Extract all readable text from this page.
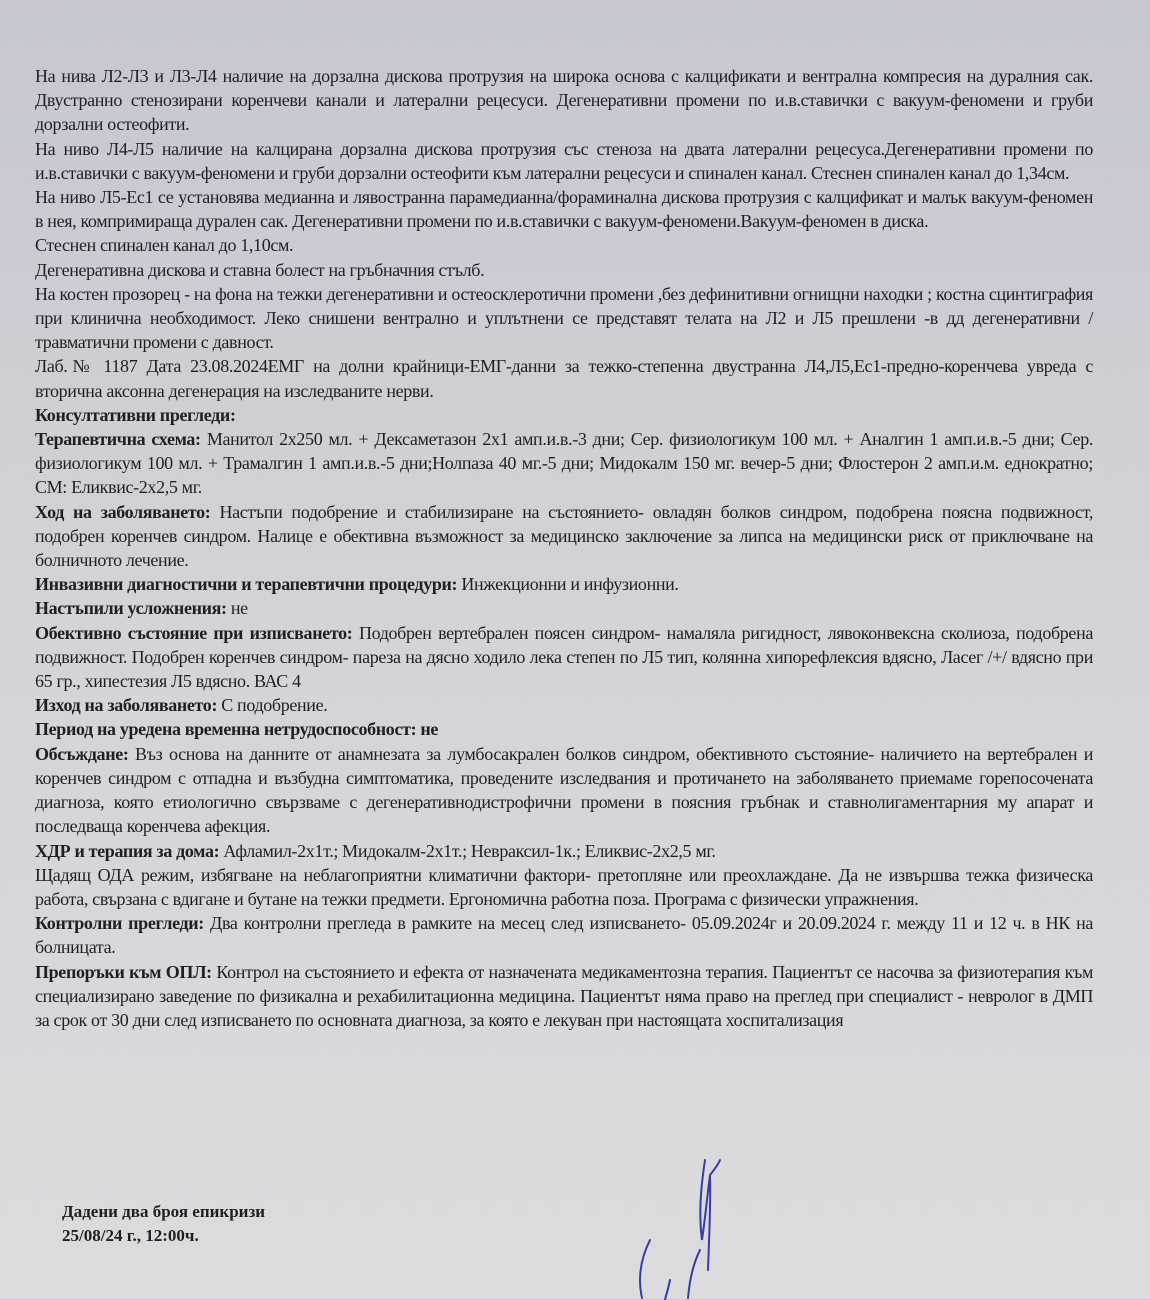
На нива Л2-Л3 и Л3-Л4 наличие на дорзална дискова протрузия на широка основа с калцификати и вентрална компресия на дуралния сак. Двустранно стенозирани коренчеви канали и латерални рецесуси. Дегенеративни промени по и.в.ставички с вакуум-феномени и груби дорзални остеофити.

На ниво Л4-Л5 наличие на калцирана дорзална дискова протрузия със стеноза на двата латерални рецесуса.Дегенеративни промени по и.в.ставички с вакуум-феномени и груби дорзални остеофити към латерални рецесуси и спинален канал. Стеснен спинален канал до 1,34см.

На ниво Л5-Ес1 се установява медианна и лявостранна парамедианна/фораминална дискова протрузия с калцификат и малък вакуум-феномен в нея, компримираща дурален сак. Дегенеративни промени по и.в.ставички с вакуум-феномени.Вакуум-феномен в диска.

Стеснен спинален канал до 1,10см.

Дегенеративна дискова и ставна болест на гръбначния стълб.

На костен прозорец - на фона на тежки дегенеративни и остеосклеротични промени ,без дефинитивни огнищни находки ; костна сцинтиграфия при клинична необходимост. Леко снишени вентрално и уплътнени се представят телата на Л2 и Л5 прешлени -в дд дегенеративни /травматични промени с давност.

Лаб.№ 1187 Дата 23.08.2024ЕМГ на долни крайници-ЕМГ-данни за тежко-степенна двустранна Л4,Л5,Ес1-предно-коренчева увреда с вторична аксонна дегенерация на изследваните нерви.

Консултативни прегледи:

Терапевтична схема: Манитол 2х250 мл. + Дексаметазон 2х1 амп.и.в.-3 дни; Сер. физиологикум 100 мл. + Аналгин 1 амп.и.в.-5 дни; Сер. физиологикум 100 мл. + Трамалгин 1 амп.и.в.-5 дни;Нолпаза 40 мг.-5 дни; Мидокалм 150 мг. вечер-5 дни; Флостерон 2 амп.и.м. еднократно; СМ: Еликвис-2х2,5 мг.

Ход на заболяването: Настъпи подобрение и стабилизиране на състоянието- овладян болков синдром, подобрена поясна подвижност, подобрен коренчев синдром. Налице е обективна възможност за медицинско заключение за липса на медицински риск от приключване на болничното лечение.

Инвазивни диагностични и терапевтични процедури: Инжекционни и инфузионни.

Настъпили усложнения: не

Обективно състояние при изписването: Подобрен вертебрален поясен синдром- намаляла ригидност, лявоконвексна сколиоза, подобрена подвижност. Подобрен коренчев синдром- пареза на дясно ходило лека степен по Л5 тип, колянна хипорефлексия вдясно, Ласег /+/ вдясно при 65 гр., хипестезия Л5 вдясно. ВАС 4

Изход на заболяването: С подобрение.

Период на уредена временна нетрудоспособност: не

Обсъждане: Въз основа на данните от анамнезата за лумбосакрален болков синдром, обективното състояние- наличието на вертебрален и коренчев синдром с отпадна и възбудна симптоматика, проведените изследвания и протичането на заболяването приемаме горепосочената диагноза, която етиологично свързваме с дегенеративнодистрофични промени в поясния гръбнак и ставнолигаментарния му апарат и последваща коренчева афекция.

ХДР и терапия за дома: Афламил-2х1т.; Мидокалм-2х1т.; Невраксил-1к.; Еликвис-2х2,5 мг.

Щадящ ОДА режим, избягване на неблагоприятни климатични фактори- претопляне или преохлаждане. Да не извършва тежка физическа работа, свързана с вдигане и бутане на тежки предмети. Ергономична работна поза. Програма с физически упражнения.

Контролни прегледи: Два контролни прегледа в рамките на месец след изписването- 05.09.2024г и 20.09.2024 г. между 11 и 12 ч. в НК на болницата.

Препоръки към ОПЛ: Контрол на състоянието и ефекта от назначената медикаментозна терапия. Пациентът се насочва за физиотерапия към специализирано заведение по физикална и рехабилитационна медицина. Пациентът няма право на преглед при специалист - невролог в ДМП за срок от 30 дни след изписването по основната диагноза, за която е лекуван при настоящата хоспитализация

Дадени два броя епикризи
25/08/24 г., 12:00ч.
